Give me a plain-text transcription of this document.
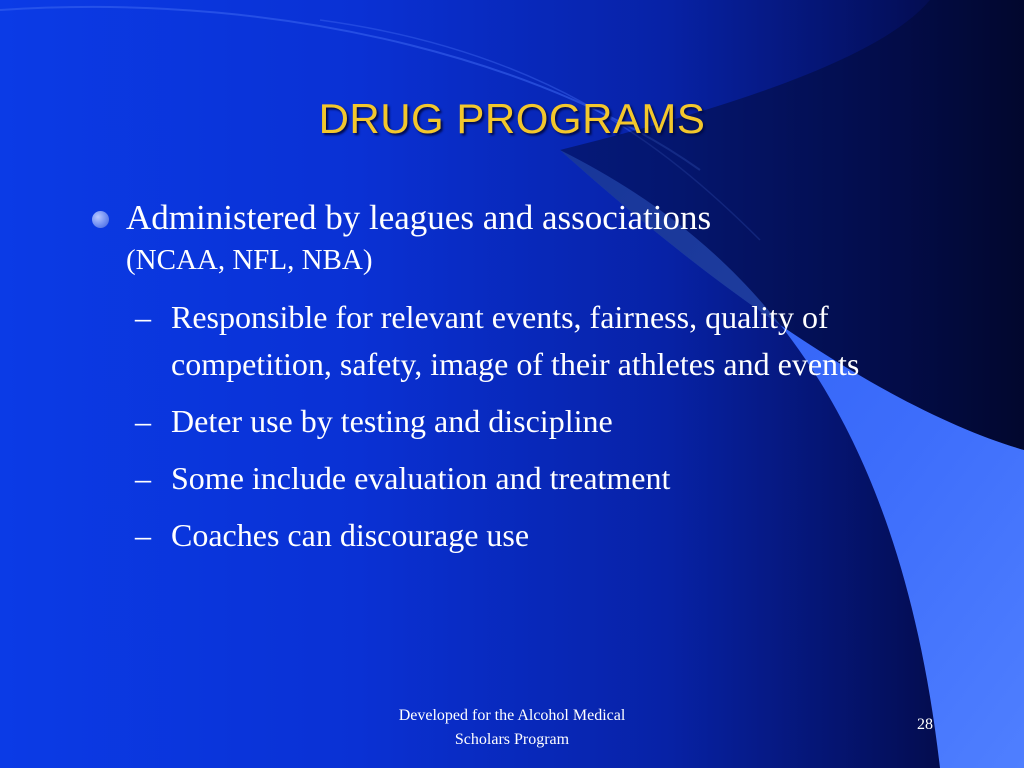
DRUG PROGRAMS
Administered by leagues and associations
(NCAA, NFL, NBA)
– Responsible for relevant events, fairness, quality of competition, safety, image of their athletes and events
– Deter use by testing and discipline
– Some include evaluation and treatment
– Coaches can discourage use
Developed for the Alcohol Medical
Scholars Program
28
